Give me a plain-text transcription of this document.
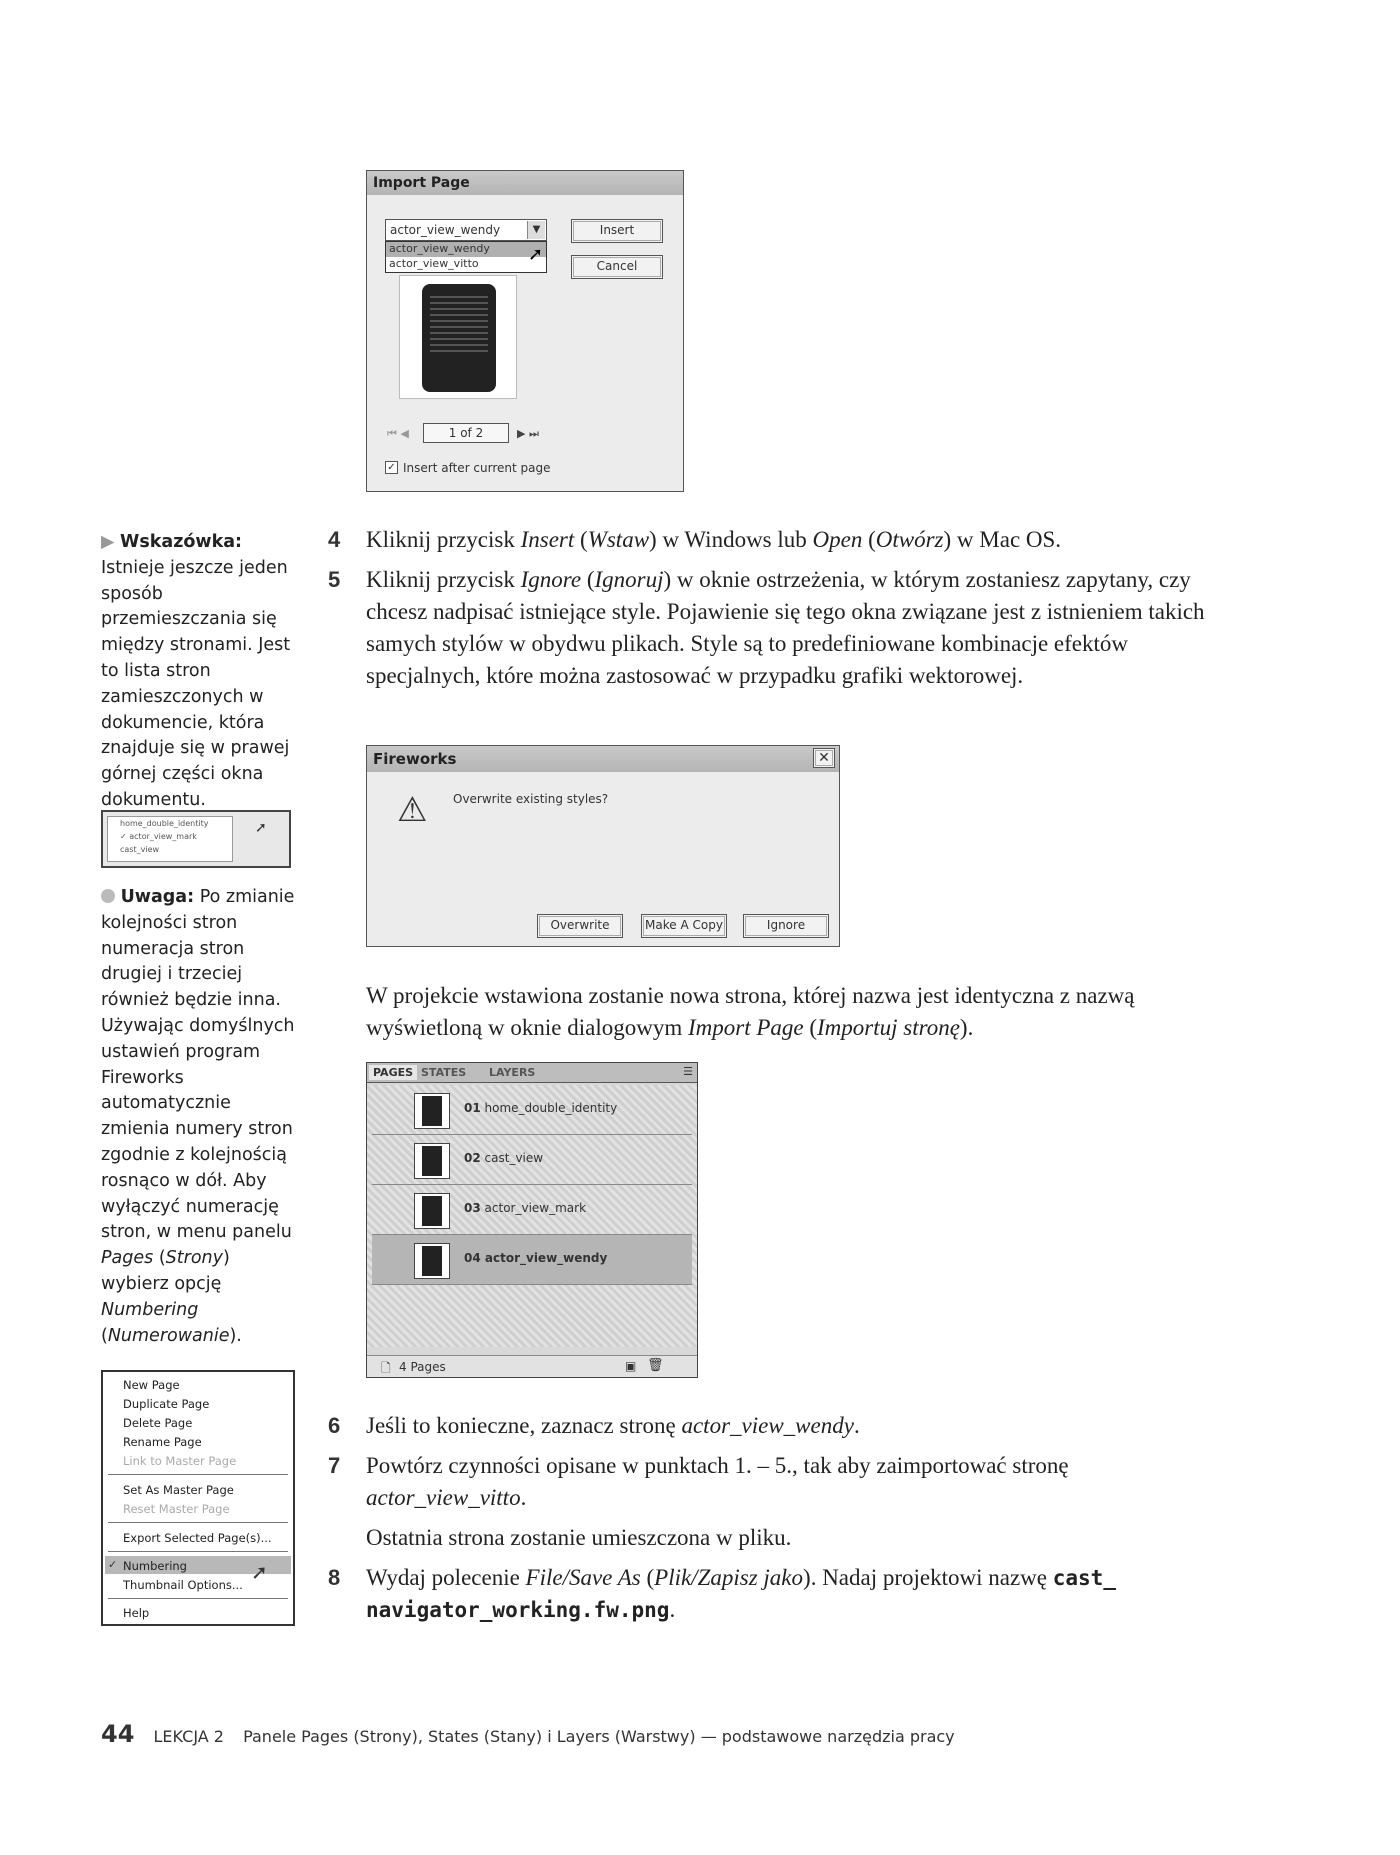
Import Page
actor_view_wendy	▼
actor_view_wendy
actor_view_vitto	➚
Insert
Cancel
⏮ ◀	1 of 2	▶ ⏭
✓ Insert after current page
▶ Wskazówka:
Istnieje jeszcze jeden sposób przemieszczania się między stronami. Jest to lista stron zamieszczonych w dokumencie, która znajduje się w prawej górnej części okna dokumentu.
home_double_identity
✓ actor_view_mark
cast_view
➚
Uwaga: Po zmianie kolejności stron numeracja stron drugiej i trzeciej również będzie inna. Używając domyślnych ustawień program Fireworks automatycznie zmienia numery stron zgodnie z kolejnością rosnąco w dół. Aby wyłączyć numerację stron, w menu panelu Pages (Strony) wybierz opcję Numbering (Numerowanie).
New Page
Duplicate Page
Delete Page
Rename Page
Link to Master Page
Set As Master Page
Reset Master Page
Export Selected Page(s)...
✓ Numbering
Thumbnail Options...
➚
Help
4	Kliknij przycisk Insert (Wstaw) w Windows lub Open (Otwórz) w Mac OS.
5	Kliknij przycisk Ignore (Ignoruj) w oknie ostrzeżenia, w którym zostaniesz zapytany, czy chcesz nadpisać istniejące style. Pojawienie się tego okna związane jest z istnieniem takich samych stylów w obydwu plikach. Style są to predefiniowane kombinacje efektów specjalnych, które można zastosować w przypadku grafiki wektorowej.
Fireworks	✕
⚠ Overwrite existing styles?
Overwrite	Make A Copy	Ignore
W projekcie wstawiona zostanie nowa strona, której nazwa jest identyczna z nazwą wyświetloną w oknie dialogowym Import Page (Importuj stronę).
PAGES STATES LAYERS	☰
01 home_double_identity
02 cast_view
03 actor_view_mark
04 actor_view_wendy
🗋 4 Pages	▣ 🗑
6	Jeśli to konieczne, zaznacz stronę actor_view_wendy.
7	Powtórz czynności opisane w punktach 1. – 5., tak aby zaimportować stronę actor_view_vitto.
Ostatnia strona zostanie umieszczona w pliku.
8	Wydaj polecenie File/Save As (Plik/Zapisz jako). Nadaj projektowi nazwę cast_
navigator_working.fw.png.
44 LEKCJA 2 Panele Pages (Strony), States (Stany) i Layers (Warstwy) — podstawowe narzędzia pracy
